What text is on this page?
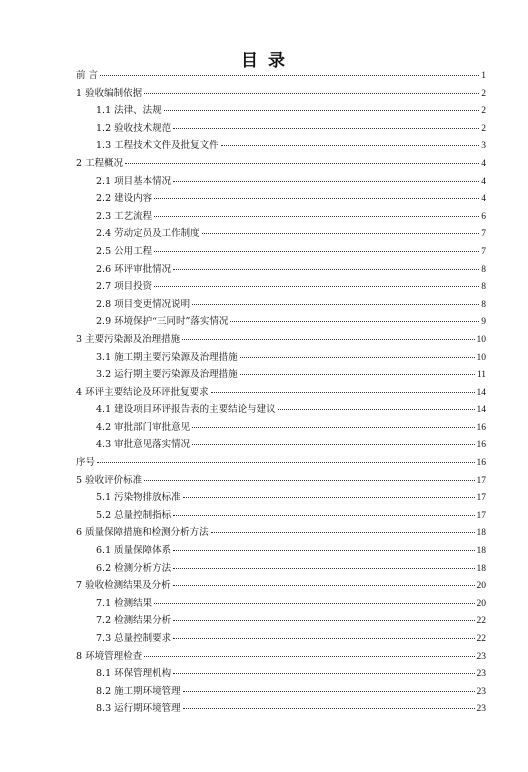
目 录
前 言	1
1 验收编制依据	2
1.1 法律、法规	2
1.2 验收技术规范	2
1.3 工程技术文件及批复文件	3
2 工程概况	4
2.1 项目基本情况	4
2.2 建设内容	4
2.3 工艺流程	6
2.4 劳动定员及工作制度	7
2.5 公用工程	7
2.6 环评审批情况	8
2.7 项目投资	8
2.8 项目变更情况说明	8
2.9 环境保护“三同时”落实情况	9
3 主要污染源及治理措施	10
3.1 施工期主要污染源及治理措施	10
3.2 运行期主要污染源及治理措施	11
4 环评主要结论及环评批复要求	14
4.1 建设项目环评报告表的主要结论与建议	14
4.2 审批部门审批意见	16
4.3 审批意见落实情况	16
序号	16
5 验收评价标准	17
5.1 污染物排放标准	17
5.2 总量控制指标	17
6 质量保障措施和检测分析方法	18
6.1 质量保障体系	18
6.2 检测分析方法	18
7 验收检测结果及分析	20
7.1 检测结果	20
7.2 检测结果分析	22
7.3 总量控制要求	22
8 环境管理检查	23
8.1 环保管理机构	23
8.2 施工期环境管理	23
8.3 运行期环境管理	23
